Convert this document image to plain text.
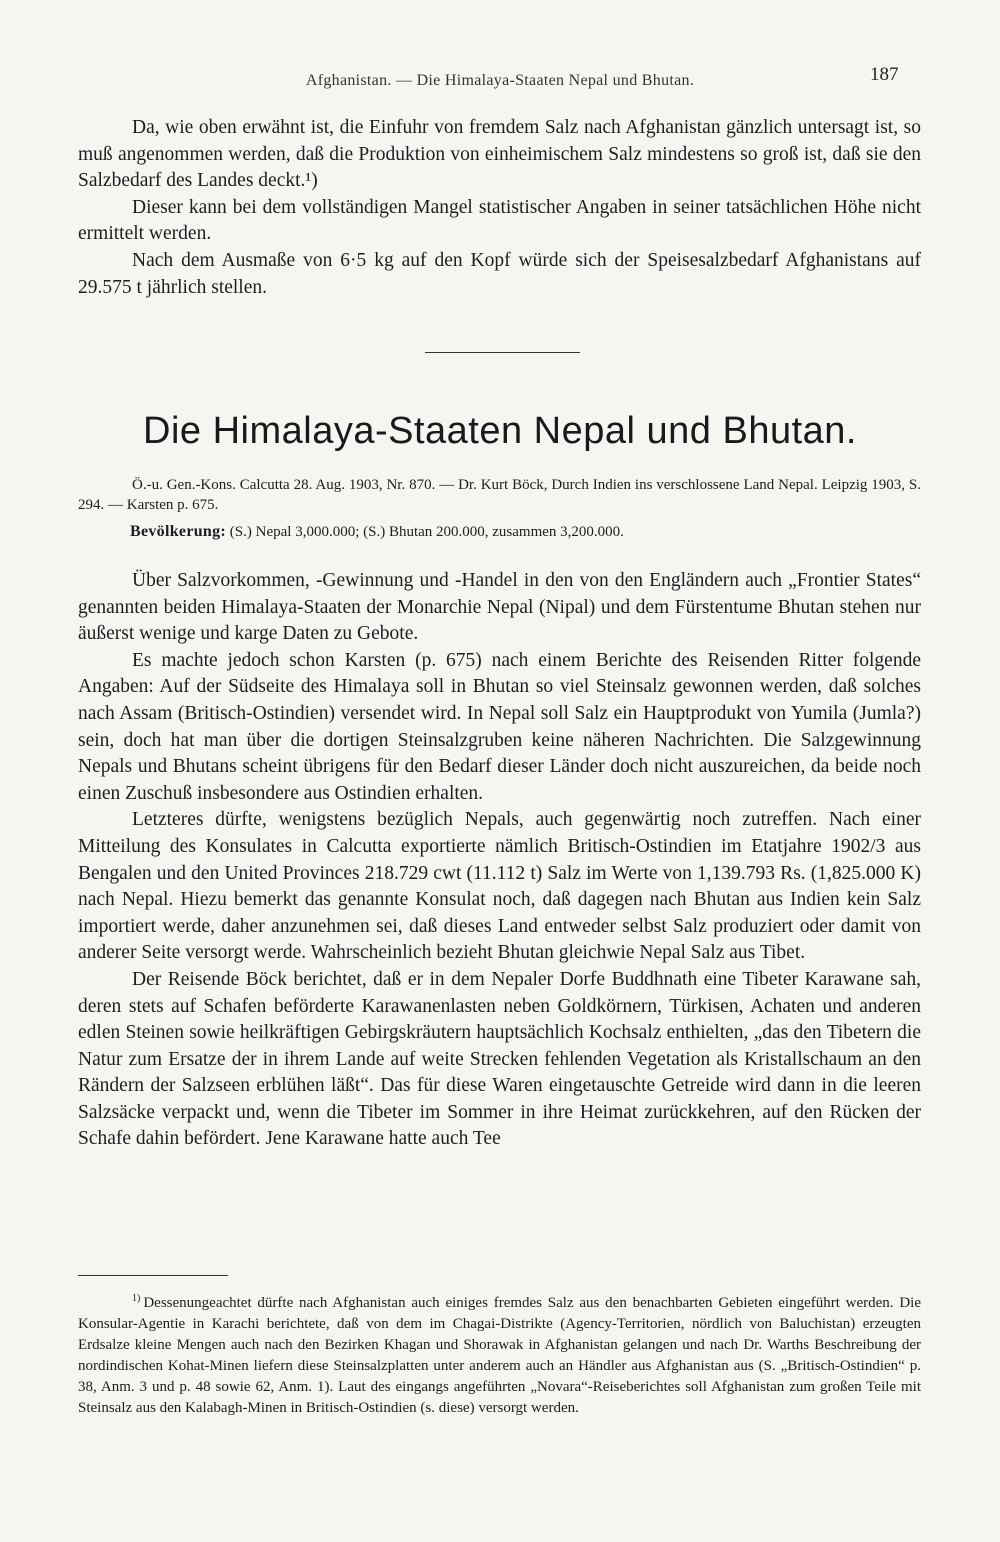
Afghanistan. — Die Himalaya-Staaten Nepal und Bhutan.	187

Da, wie oben erwähnt ist, die Einfuhr von fremdem Salz nach Afghanistan gänzlich untersagt ist, so muß angenommen werden, daß die Produktion von einheimischem Salz mindestens so groß ist, daß sie den Salzbedarf des Landes deckt.¹)

Dieser kann bei dem vollständigen Mangel statistischer Angaben in seiner tatsächlichen Höhe nicht ermittelt werden.

Nach dem Ausmaße von 6·5 kg auf den Kopf würde sich der Speisesalzbedarf Afghanistans auf 29.575 t jährlich stellen.

Die Himalaya-Staaten Nepal und Bhutan.
Ö.-u. Gen.-Kons. Calcutta 28. Aug. 1903, Nr. 870. — Dr. Kurt Böck, Durch Indien ins verschlossene Land Nepal. Leipzig 1903, S. 294. — Karsten p. 675.
Bevölkerung: (S.) Nepal 3,000.000; (S.) Bhutan 200.000, zusammen 3,200.000.

Über Salzvorkommen, -Gewinnung und -Handel in den von den Engländern auch „Frontier States“ genannten beiden Himalaya-Staaten der Monarchie Nepal (Nipal) und dem Fürstentume Bhutan stehen nur äußerst wenige und karge Daten zu Gebote.

Es machte jedoch schon Karsten (p. 675) nach einem Berichte des Reisenden Ritter folgende Angaben: Auf der Südseite des Himalaya soll in Bhutan so viel Steinsalz gewonnen werden, daß solches nach Assam (Britisch-Ostindien) versendet wird. In Nepal soll Salz ein Hauptprodukt von Yumila (Jumla?) sein, doch hat man über die dortigen Steinsalzgruben keine näheren Nachrichten. Die Salzgewinnung Nepals und Bhutans scheint übrigens für den Bedarf dieser Länder doch nicht auszureichen, da beide noch einen Zuschuß insbesondere aus Ostindien erhalten.

Letzteres dürfte, wenigstens bezüglich Nepals, auch gegenwärtig noch zutreffen. Nach einer Mitteilung des Konsulates in Calcutta exportierte nämlich Britisch-Ostindien im Etatjahre 1902/3 aus Bengalen und den United Provinces 218.729 cwt (11.112 t) Salz im Werte von 1,139.793 Rs. (1,825.000 K) nach Nepal. Hiezu bemerkt das genannte Konsulat noch, daß dagegen nach Bhutan aus Indien kein Salz importiert werde, daher anzunehmen sei, daß dieses Land entweder selbst Salz produziert oder damit von anderer Seite versorgt werde. Wahrscheinlich bezieht Bhutan gleichwie Nepal Salz aus Tibet.

Der Reisende Böck berichtet, daß er in dem Nepaler Dorfe Buddhnath eine Tibeter Karawane sah, deren stets auf Schafen beförderte Karawanenlasten neben Goldkörnern, Türkisen, Achaten und anderen edlen Steinen sowie heilkräftigen Gebirgskräutern hauptsächlich Kochsalz enthielten, „das den Tibetern die Natur zum Ersatze der in ihrem Lande auf weite Strecken fehlenden Vegetation als Kristallschaum an den Rändern der Salzseen erblühen läßt“. Das für diese Waren eingetauschte Getreide wird dann in die leeren Salzsäcke verpackt und, wenn die Tibeter im Sommer in ihre Heimat zurückkehren, auf den Rücken der Schafe dahin befördert. Jene Karawane hatte auch Tee

$^{1)}$ Dessenungeachtet dürfte nach Afghanistan auch einiges fremdes Salz aus den benachbarten Gebieten eingeführt werden. Die Konsular-Agentie in Karachi berichtete, daß von dem im Chagai-Distrikte (Agency-Territorien, nördlich von Baluchistan) erzeugten Erdsalze kleine Mengen auch nach den Bezirken Khagan und Shorawak in Afghanistan gelangen und nach Dr. Warths Beschreibung der nordindischen Kohat-Minen liefern diese Steinsalzplatten unter anderem auch an Händler aus Afghanistan aus (S. „Britisch-Ostindien“ p. 38, Anm. 3 und p. 48 sowie 62, Anm. 1). Laut des eingangs angeführten „Novara“-Reiseberichtes soll Afghanistan zum großen Teile mit Steinsalz aus den Kalabagh-Minen in Britisch-Ostindien (s. diese) versorgt werden.
